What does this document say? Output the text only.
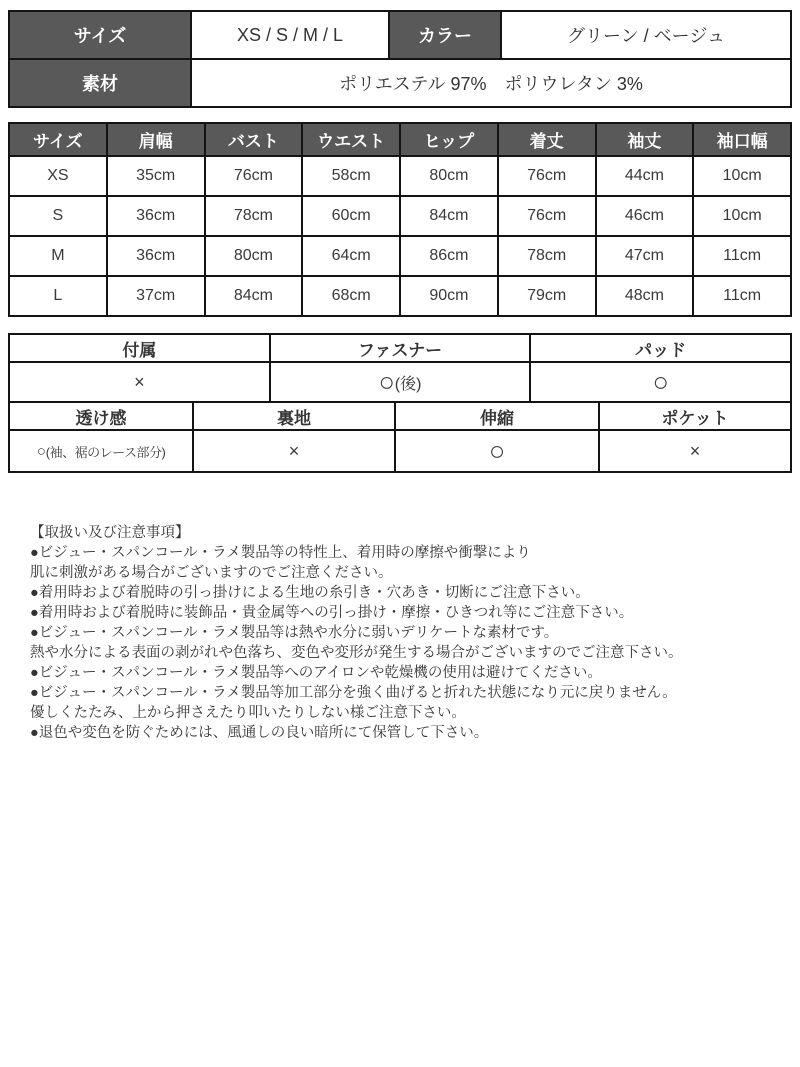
サイズ	XS / S / M / L	カラー	グリーン / ベージュ
素材	ポリエステル 97%　ポリウレタン 3%		
サイズ	肩幅	バスト	ウエスト	ヒップ	着丈	袖丈	袖口幅
XS	35cm	76cm	58cm	80cm	76cm	44cm	10cm
S	36cm	78cm	60cm	84cm	76cm	46cm	10cm
M	36cm	80cm	64cm	86cm	78cm	47cm	11cm
L	37cm	84cm	68cm	90cm	79cm	48cm	11cm
付属	ファスナー	パッド
×	○(後)	○
透け感	裏地	伸縮	ポケット
○(袖、裾のレース部分)	×	○	×
【取扱い及び注意事項】
●ビジュー・スパンコール・ラメ製品等の特性上、着用時の摩擦や衝撃により
肌に刺激がある場合がございますのでご注意ください。
●着用時および着脱時の引っ掛けによる生地の糸引き・穴あき・切断にご注意下さい。
●着用時および着脱時に装飾品・貴金属等への引っ掛け・摩擦・ひきつれ等にご注意下さい。
●ビジュー・スパンコール・ラメ製品等は熱や水分に弱いデリケートな素材です。
熱や水分による表面の剥がれや色落ち、変色や変形が発生する場合がございますのでご注意下さい。
●ビジュー・スパンコール・ラメ製品等へのアイロンや乾燥機の使用は避けてください。
●ビジュー・スパンコール・ラメ製品等加工部分を強く曲げると折れた状態になり元に戻りません。
優しくたたみ、上から押さえたり叩いたりしない様ご注意下さい。
●退色や変色を防ぐためには、風通しの良い暗所にて保管して下さい。
